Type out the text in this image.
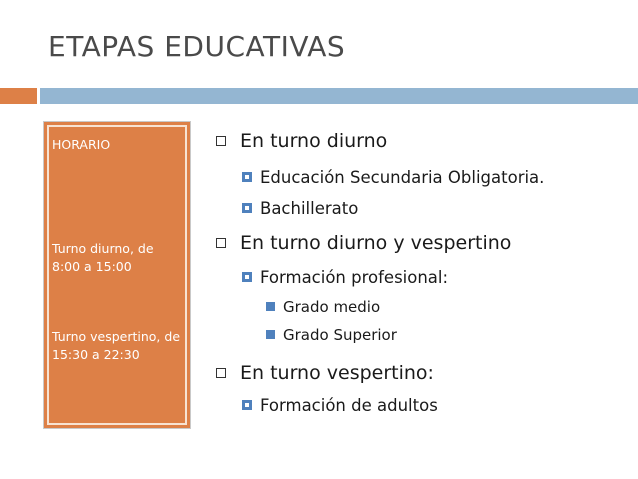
ETAPAS EDUCATIVAS
HORARIO
Turno diurno, de
8:00 a 15:00
Turno vespertino, de
15:30 a 22:30
En turno diurno
Educación Secundaria Obligatoria.
Bachillerato
En turno diurno y vespertino
Formación profesional:
Grado medio
Grado Superior
En turno vespertino:
Formación de adultos
